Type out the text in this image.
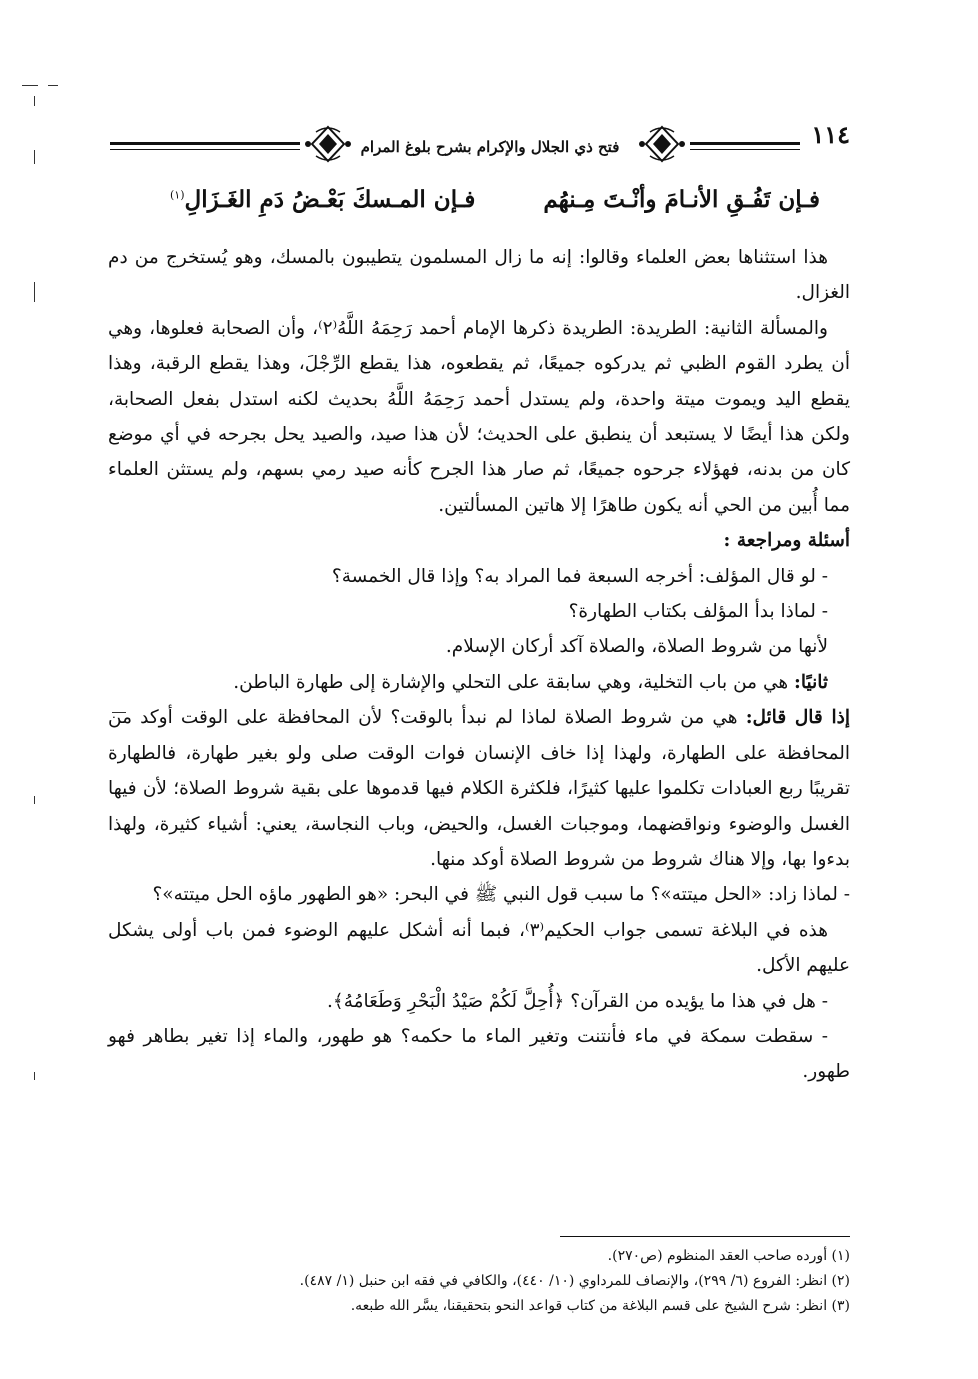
فتح ذي الجلال والإكرام بشرح بلوغ المرام	١١٤
فـإن تَفُـقِ الأنـامَ وأنْـتَ مِـنهُم
فـإن المـسكَ بَعْـضُ دَمِ الغَـزَالِ$^{(١)}$

هذا استثناها بعض العلماء وقالوا: إنه ما زال المسلمون يتطيبون بالمسك، وهو يُستخرج من دم الغزال.

والمسألة الثانية: الطريدة: الطريدة ذكرها الإمام أحمد رَحِمَهُ اللَّهُ⁽٢⁾، وأن الصحابة فعلوها، وهي أن يطرد القوم الظبي ثم يدركوه جميعًا، ثم يقطعوه، هذا يقطع الرِّجْلَ، وهذا يقطع الرقبة، وهذا يقطع اليد ويموت ميتة واحدة، ولم يستدل أحمد رَحِمَهُ اللَّهُ بحديث لكنه استدل بفعل الصحابة، ولكن هذا أيضًا لا يستبعد أن ينطبق على الحديث؛ لأن هذا صيد، والصيد يحل بجرحه في أي موضع كان من بدنه، فهؤلاء جرحوه جميعًا، ثم صار هذا الجرح كأنه صيد رمي بسهم، ولم يستثن العلماء مما أُبين من الحي أنه يكون طاهرًا إلا هاتين المسألتين.

أسئلة ومراجعة :

- لو قال المؤلف: أخرجه السبعة فما المراد به؟ وإذا قال الخمسة؟

- لماذا بدأ المؤلف بكتاب الطهارة؟

لأنها من شروط الصلاة، والصلاة آكد أركان الإسلام.

ثانيًا: هي من باب التخلية، وهي سابقة على التحلي والإشارة إلى طهارة الباطن.

إذا قال قائل: هي من شروط الصلاة لماذا لم نبدأ بالوقت؟ لأن المحافظة على الوقت أوكد من المحافظة على الطهارة، ولهذا إذا خاف الإنسان فوات الوقت صلى ولو بغير طهارة، فالطهارة تقريبًا ربع العبادات تكلموا عليها كثيرًا، فلكثرة الكلام فيها قدموها على بقية شروط الصلاة؛ لأن فيها الغسل والوضوء ونواقضهما، وموجبات الغسل، والحيض، وباب النجاسة، يعني: أشياء كثيرة، ولهذا بدءوا بها، وإلا هناك شروط من شروط الصلاة أوكد منها.

- لماذا زاد: «الحل ميتته»؟ ما سبب قول النبي ﷺ في البحر: «هو الطهور ماؤه الحل ميتته»؟

هذه في البلاغة تسمى جواب الحكيم⁽٣⁾، فبما أنه أشكل عليهم الوضوء فمن باب أولى يشكل عليهم الأكل.

- هل في هذا ما يؤيده من القرآن؟ ﴿أُحِلَّ لَكُمْ صَيْدُ الْبَحْرِ وَطَعَامُهُ﴾.

- سقطت سمكة في ماء فأنتنت وتغير الماء ما حكمه؟ هو طهور، والماء إذا تغير بطاهر فهو طهور.

(١) أورده صاحب العقد المنظوم (ص٢٧٠).

(٢) انظر: الفروع (٦/ ٢٩٩)، والإنصاف للمرداوي (١٠/ ٤٤٠)، والكافي في فقه ابن حنبل (١/ ٤٨٧).

(٣) انظر: شرح الشيخ على قسم البلاغة من كتاب قواعد النحو بتحقيقنا، يسَّر الله طبعه.
